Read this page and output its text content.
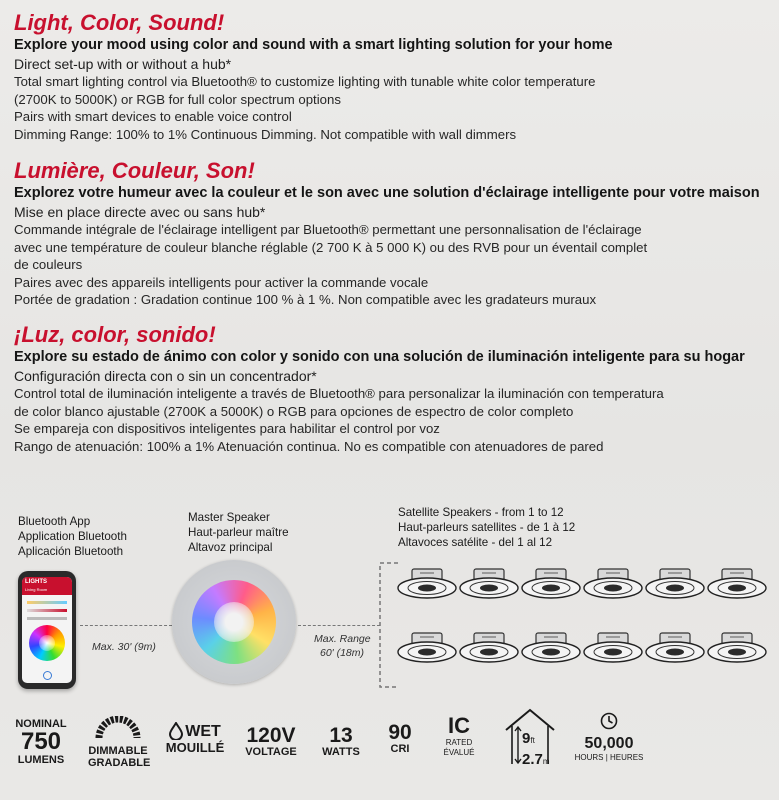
Light, Color, Sound!

Explore your mood using color and sound with a smart lighting solution for your home

Direct set-up with or without a hub*

Total smart lighting control via Bluetooth® to customize lighting with tunable white color temperature

(2700K to 5000K) or RGB for full color spectrum options

Pairs with smart devices to enable voice control

Dimming Range: 100% to 1% Continuous Dimming. Not compatible with wall dimmers

Lumière, Couleur, Son!

Explorez votre humeur avec la couleur et le son avec une solution d'éclairage intelligente pour votre maison

Mise en place directe avec ou sans hub*

Commande intégrale de l'éclairage intelligent par Bluetooth® permettant une personnalisation de l'éclairage

avec une température de couleur blanche réglable (2 700 K à 5 000 K) ou des RVB pour un éventail complet

de couleurs

Paires avec des appareils intelligents pour activer la commande vocale

Portée de gradation : Gradation continue 100 % à 1 %. Non compatible avec les gradateurs muraux

¡Luz, color, sonido!

Explore su estado de ánimo con color y sonido con una solución de iluminación inteligente para su hogar

Configuración directa con o sin un concentrador*

Control total de iluminación inteligente a través de Bluetooth® para personalizar la iluminación con temperatura

de color blanco ajustable (2700K a 5000K) o RGB para opciones de espectro de color completo

Se empareja con dispositivos inteligentes para habilitar el control por voz

Rango de atenuación: 100% a 1% Atenuación continua. No es compatible con atenuadores de pared

Bluetooth App
Application Bluetooth
Aplicación Bluetooth
Master Speaker
Haut-parleur maître
Altavoz principal
Satellite Speakers - from 1 to 12
Haut-parleurs satellites - de 1 à 12
Altavoces satélite - del 1 al 12
LIGHTS
Living Room
Max. 30' (9m)
Max. Range
60' (18m)
NOMINAL
750
LUMENS
DIMMABLE
GRADABLE
WET
MOUILLÉ
120V
VOLTAGE
13
WATTS
90
CRI
IC
RATED
ÉVALUÉ
9ft
2.7m
50,000
HOURS | HEURES
